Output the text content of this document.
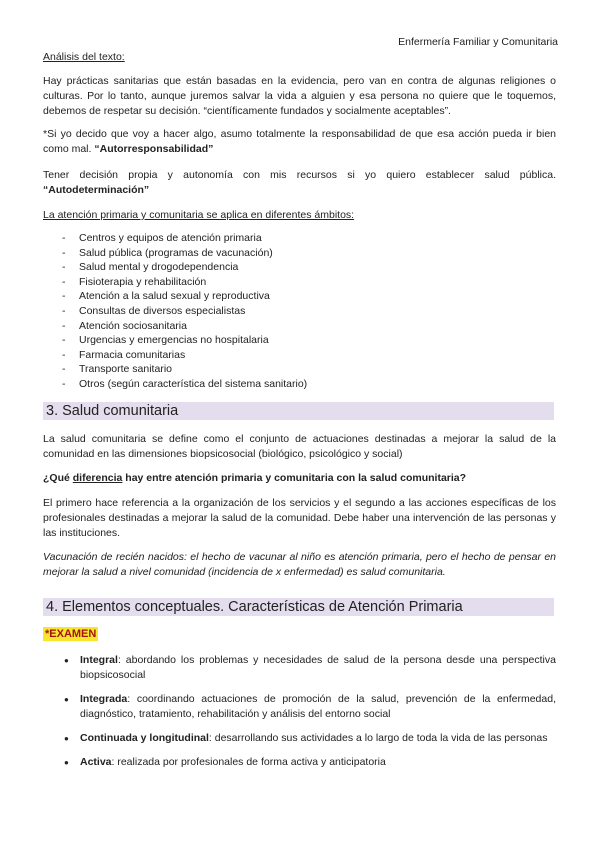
Enfermería Familiar y Comunitaria
Análisis del texto:
Hay prácticas sanitarias que están basadas en la evidencia, pero van en contra de algunas religiones o culturas. Por lo tanto, aunque juremos salvar la vida a alguien y esa persona no quiere que le toquemos, debemos de respetar su decisión. “científicamente fundados y socialmente aceptables”.
*Si yo decido que voy a hacer algo, asumo totalmente la responsabilidad de que esa acción pueda ir bien como mal. “Autorresponsabilidad”
Tener decisión propia y autonomía con mis recursos si yo quiero establecer salud pública. “Autodeterminación”
La atención primaria y comunitaria se aplica en diferentes ámbitos:
- Centros y equipos de atención primaria
- Salud pública (programas de vacunación)
- Salud mental y drogodependencia
- Fisioterapia y rehabilitación
- Atención a la salud sexual y reproductiva
- Consultas de diversos especialistas
- Atención sociosanitaria
- Urgencias y emergencias no hospitalaria
- Farmacia comunitarias
- Transporte sanitario
- Otros (según característica del sistema sanitario)
3. Salud comunitaria
La salud comunitaria se define como el conjunto de actuaciones destinadas a mejorar la salud de la comunidad en las dimensiones biopsicosocial (biológico, psicológico y social)
¿Qué diferencia hay entre atención primaria y comunitaria con la salud comunitaria?
El primero hace referencia a la organización de los servicios y el segundo a las acciones específicas de los profesionales destinadas a mejorar la salud de la comunidad. Debe haber una intervención de las personas y las instituciones.
Vacunación de recién nacidos: el hecho de vacunar al niño es atención primaria, pero el hecho de pensar en mejorar la salud a nivel comunidad (incidencia de x enfermedad) es salud comunitaria.
4. Elementos conceptuales. Características de Atención Primaria
*EXAMEN
● Integral: abordando los problemas y necesidades de salud de la persona desde una perspectiva biopsicosocial
● Integrada: coordinando actuaciones de promoción de la salud, prevención de la enfermedad, diagnóstico, tratamiento, rehabilitación y análisis del entorno social
● Continuada y longitudinal: desarrollando sus actividades a lo largo de toda la vida de las personas
● Activa: realizada por profesionales de forma activa y anticipatoria
